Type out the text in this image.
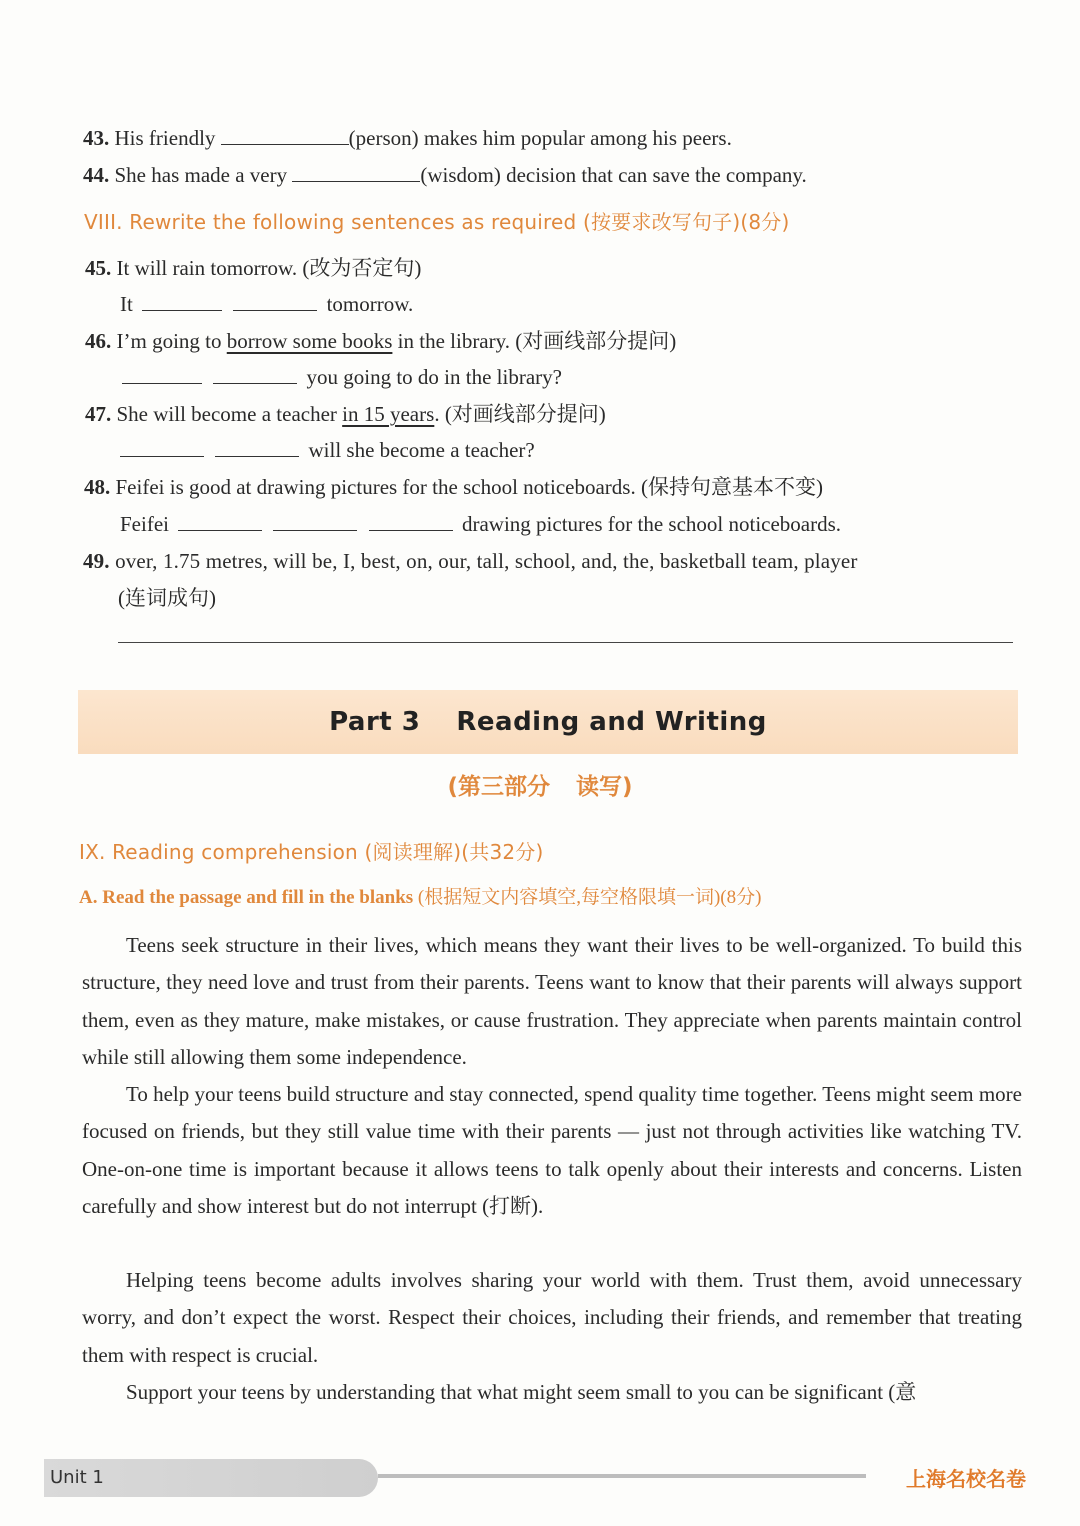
43. His friendly	(person) makes him popular among his peers.
44. She has made a very	(wisdom) decision that can save the company.
VIII. Rewrite the following sentences as required (按要求改写句子)(8分)
45. It will rain tomorrow. (改为否定句)
It	tomorrow.
46. I’m going to borrow some books in the library. (对画线部分提问)
you going to do in the library?
47. She will become a teacher in 15 years. (对画线部分提问)
will she become a teacher?
48. Feifei is good at drawing pictures for the school noticeboards. (保持句意基本不变)
Feifei	drawing pictures for the school noticeboards.
49. over, 1.75 metres, will be, I, best, on, our, tall, school, and, the, basketball team, player
(连词成句)
Part 3 Reading and Writing
(第三部分 读写)
IX. Reading comprehension (阅读理解)(共32分)
A. Read the passage and fill in the blanks (根据短文内容填空,每空格限填一词)(8分)

Teens seek structure in their lives, which means they want their lives to be well-organized. To build this structure, they need love and trust from their parents. Teens want to know that their parents will always support them, even as they mature, make mistakes, or cause frustration. They appreciate when parents maintain control while still allowing them some independence.

To help your teens build structure and stay connected, spend quality time together. Teens might seem more focused on friends, but they still value time with their parents — just not through activities like watching TV. One-on-one time is important because it allows teens to talk openly about their interests and concerns. Listen carefully and show interest but do not interrupt (打断).

Helping teens become adults involves sharing your world with them. Trust them, avoid unnecessary worry, and don’t expect the worst. Respect their choices, including their friends, and remember that treating them with respect is crucial.

Support your teens by understanding that what might seem small to you can be significant (意

Unit 1	上海名校名卷
